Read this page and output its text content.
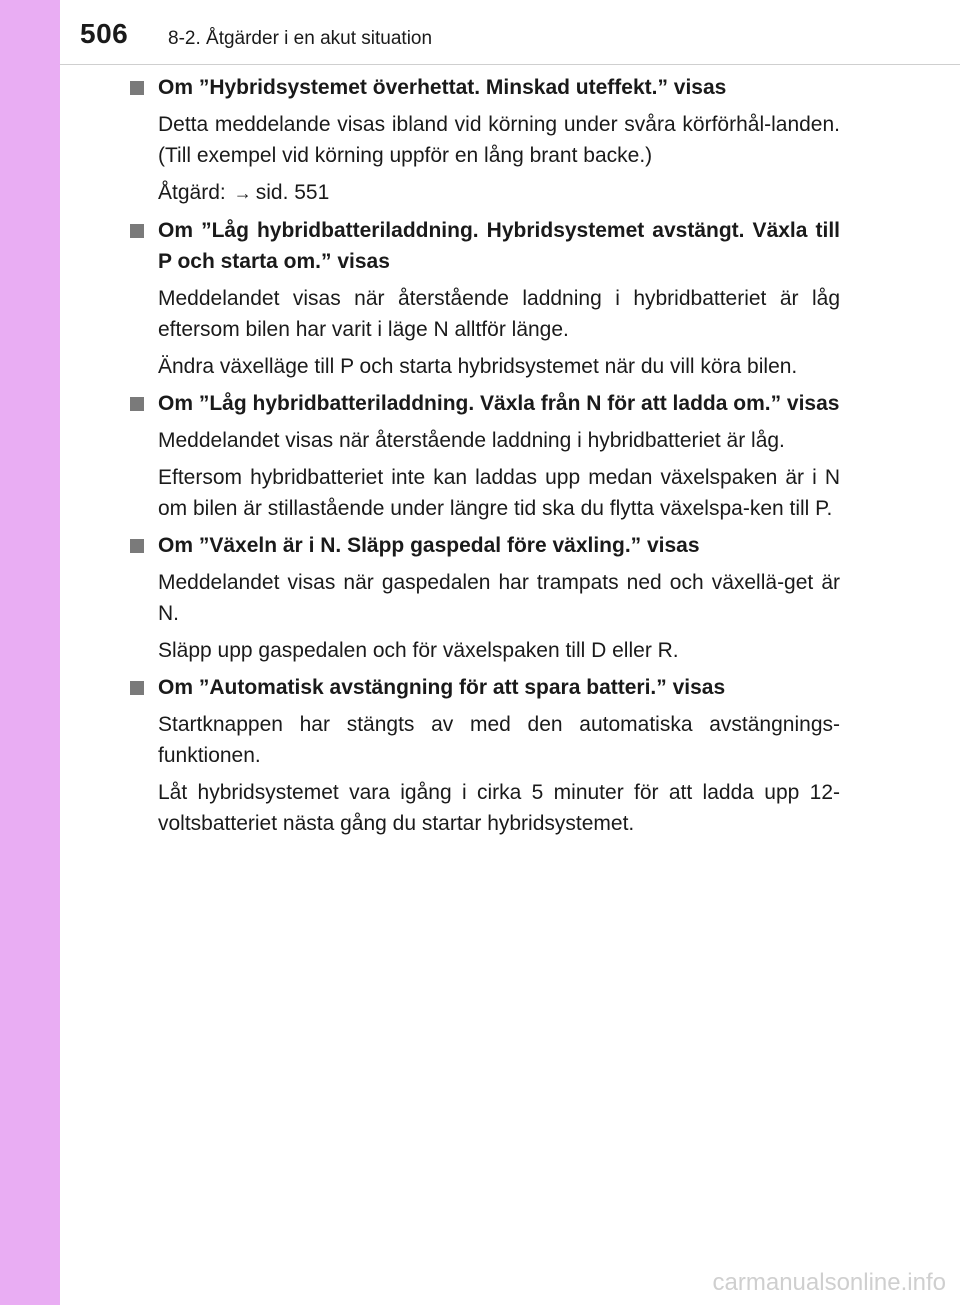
506 8-2. Åtgärder i en akut situation
Om ”Hybridsystemet överhettat. Minskad uteffekt.” visas

Detta meddelande visas ibland vid körning under svåra körförhål-landen. (Till exempel vid körning uppför en lång brant backe.)

Åtgärd: → sid. 551

Om ”Låg hybridbatteriladdning. Hybridsystemet avstängt. Växla till P och starta om.” visas

Meddelandet visas när återstående laddning i hybridbatteriet är låg eftersom bilen har varit i läge N alltför länge.

Ändra växelläge till P och starta hybridsystemet när du vill köra bilen.

Om ”Låg hybridbatteriladdning. Växla från N för att ladda om.” visas

Meddelandet visas när återstående laddning i hybridbatteriet är låg.

Eftersom hybridbatteriet inte kan laddas upp medan växelspaken är i N om bilen är stillastående under längre tid ska du flytta växelspa-ken till P.

Om ”Växeln är i N. Släpp gaspedal före växling.” visas

Meddelandet visas när gaspedalen har trampats ned och växellä-get är N.

Släpp upp gaspedalen och för växelspaken till D eller R.

Om ”Automatisk avstängning för att spara batteri.” visas

Startknappen har stängts av med den automatiska avstängnings-funktionen.

Låt hybridsystemet vara igång i cirka 5 minuter för att ladda upp 12-voltsbatteriet nästa gång du startar hybridsystemet.

carmanualsonline.info
